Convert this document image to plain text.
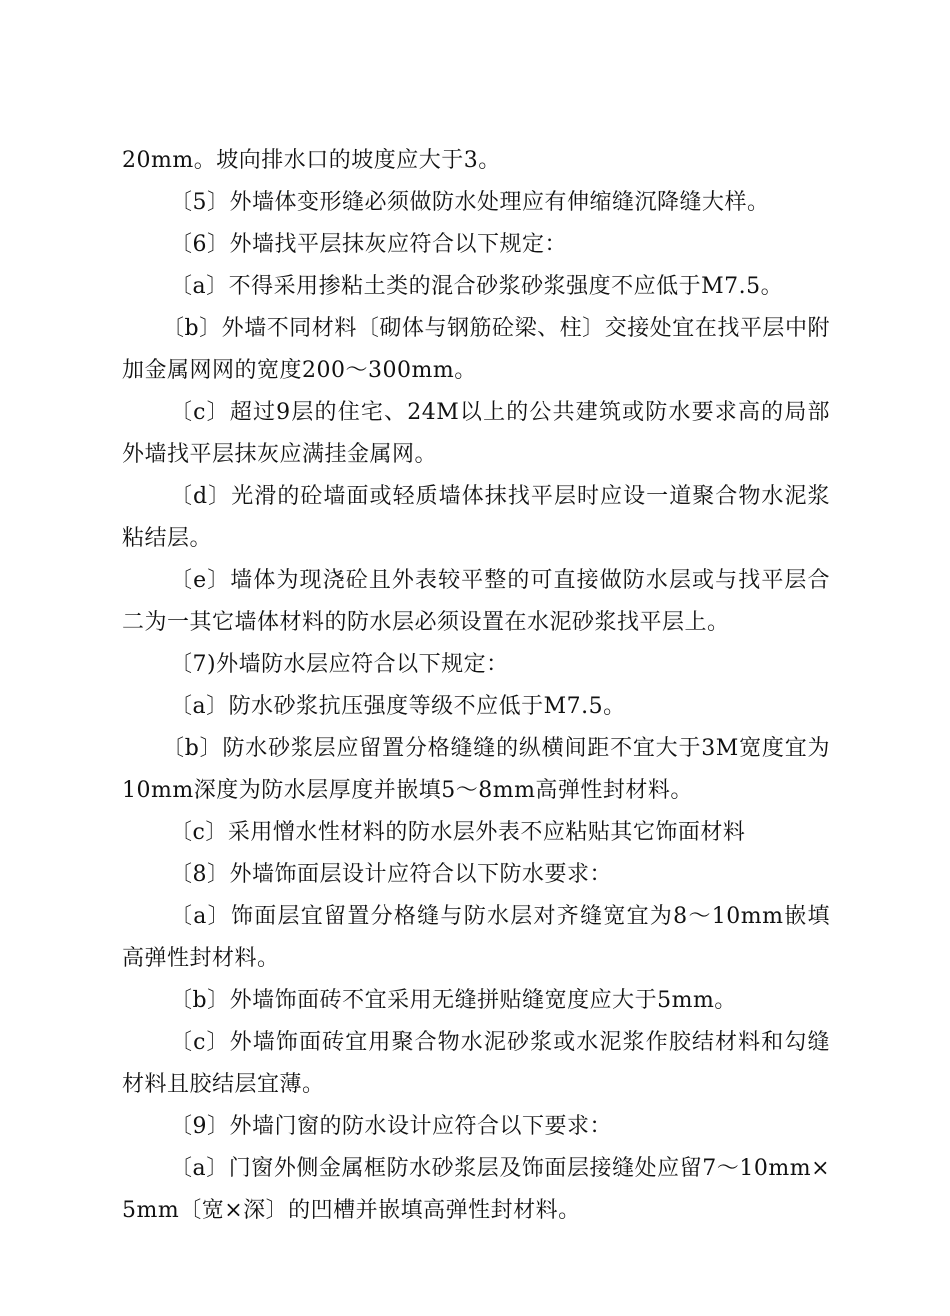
20mm。坡向排水口的坡度应大于3。

〔5〕外墙体变形缝必须做防水处理应有伸缩缝沉降缝大样。

〔6〕外墙找平层抹灰应符合以下规定：

〔a〕不得采用掺粘土类的混合砂浆砂浆强度不应低于M7.5。

〔b〕外墙不同材料〔砌体与钢筋砼梁、柱〕交接处宜在找平层中附加金属网网的宽度200～300mm。

〔c〕超过9层的住宅、24M以上的公共建筑或防水要求高的局部外墙找平层抹灰应满挂金属网。

〔d〕光滑的砼墙面或轻质墙体抹找平层时应设一道聚合物水泥浆粘结层。

〔e〕墙体为现浇砼且外表较平整的可直接做防水层或与找平层合二为一其它墙体材料的防水层必须设置在水泥砂浆找平层上。

〔7)外墙防水层应符合以下规定：

〔a〕防水砂浆抗压强度等级不应低于M7.5。

〔b〕防水砂浆层应留置分格缝缝的纵横间距不宜大于3M宽度宜为10mm深度为防水层厚度并嵌填5～8mm高弹性封材料。

〔c〕采用憎水性材料的防水层外表不应粘贴其它饰面材料

〔8〕外墙饰面层设计应符合以下防水要求：

〔a〕饰面层宜留置分格缝与防水层对齐缝宽宜为8～10mm嵌填高弹性封材料。

〔b〕外墙饰面砖不宜采用无缝拼贴缝宽度应大于5mm。

〔c〕外墙饰面砖宜用聚合物水泥砂浆或水泥浆作胶结材料和勾缝材料且胶结层宜薄。

〔9〕外墙门窗的防水设计应符合以下要求：

〔a〕门窗外侧金属框防水砂浆层及饰面层接缝处应留7～10mm×5mm〔宽×深〕的凹槽并嵌填高弹性封材料。
